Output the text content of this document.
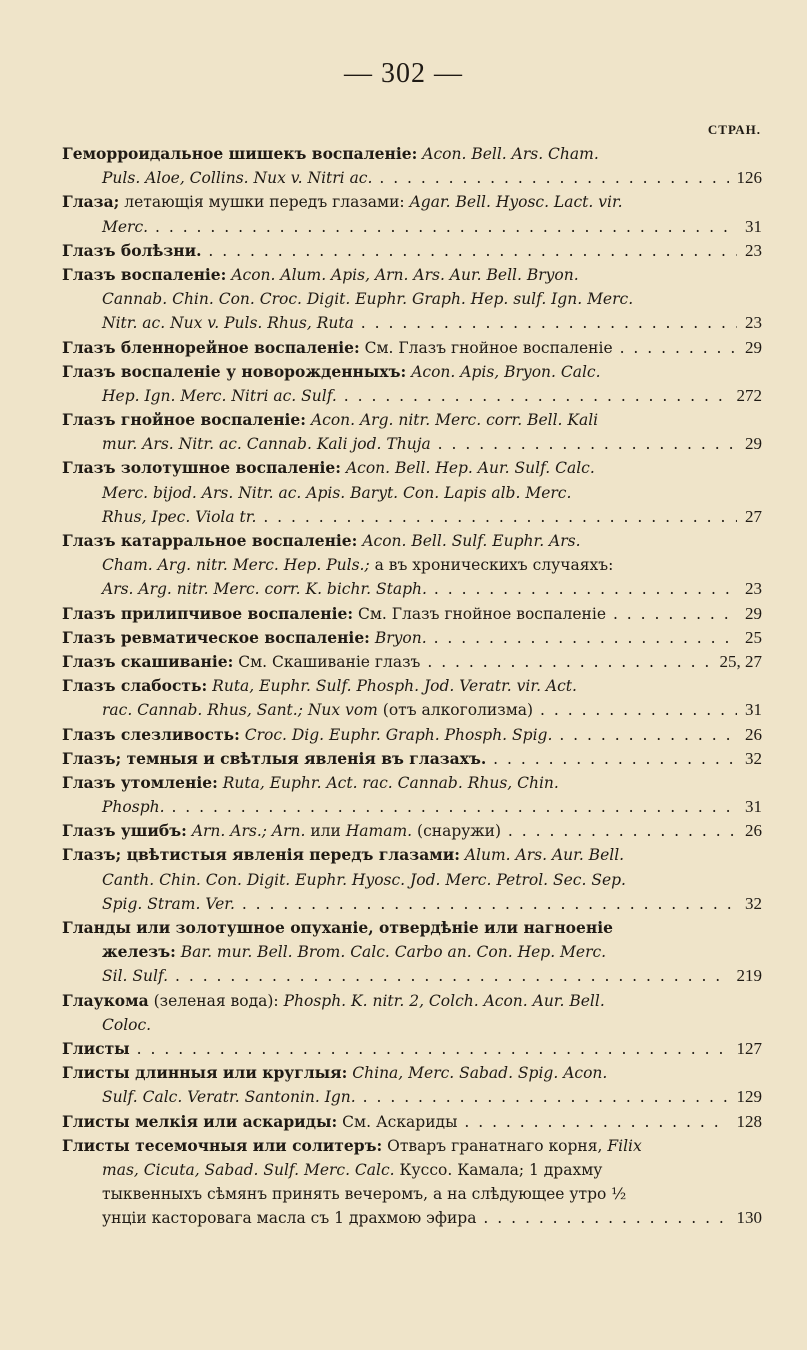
— 302 —
СТРАН.
Геморроидальное шишекъ воспаленіе: Acon. Bell. Ars. Cham.
Puls. Aloe, Collins. Nux v. Nitri ac. . . .	126
Глаза; летающія мушки передъ глазами: Agar. Bell. Hyosc. Lact. vir.
Merc. . . .	31
Глазъ болѣзни. . . .	23
Глазъ воспаленіе: Acon. Alum. Apis, Arn. Ars. Aur. Bell. Bryon.
Cannab. Chin. Con. Croc. Digit. Euphr. Graph. Hep. sulf. Ign. Merc.
Nitr. ac. Nux v. Puls. Rhus, Ruta . . .	23
Глазъ бленнорейное воспаленіе: См. Глазъ гнойное воспаленіе . . .	29
Глазъ воспаленіе у новорожденныхъ: Acon. Apis, Bryon. Calc.
Hep. Ign. Merc. Nitri ac. Sulf. . . .	272
Глазъ гнойное воспаленіе: Acon. Arg. nitr. Merc. corr. Bell. Kali
mur. Ars. Nitr. ac. Cannab. Kali jod. Thuja . . .	29
Глазъ золотушное воспаленіе: Acon. Bell. Hep. Aur. Sulf. Calc.
Merc. bijod. Ars. Nitr. ac. Apis. Baryt. Con. Lapis alb. Merc.
Rhus, Ipec. Viola tr. . . .	27
Глазъ катарральное воспаленіе: Acon. Bell. Sulf. Euphr. Ars.
Cham. Arg. nitr. Merc. Hep. Puls.; а въ хроническихъ случаяхъ:
Ars. Arg. nitr. Merc. corr. K. bichr. Staph. . . .	23
Глазъ прилипчивое воспаленіе: См. Глазъ гнойное воспаленіе . . .	29
Глазъ ревматическое воспаленіе: Bryon. . . .	25
Глазъ скашиваніе: См. Скашиваніе глазъ . . .	25, 27
Глазъ слабость: Ruta, Euphr. Sulf. Phosph. Jod. Veratr. vir. Act.
rac. Cannab. Rhus, Sant.; Nux vom (отъ алкоголизма) . . .	31
Глазъ слезливость: Croc. Dig. Euphr. Graph. Phosph. Spig. . . .	26
Глазъ; темныя и свѣтлыя явленія въ глазахъ. . . .	32
Глазъ утомленіе: Ruta, Euphr. Act. rac. Cannab. Rhus, Chin.
Phosph. . . .	31
Глазъ ушибъ: Arn. Ars.; Arn. или Hamam. (снаружи) . . .	26
Глазъ; цвѣтистыя явленія передъ глазами: Alum. Ars. Aur. Bell.
Canth. Chin. Con. Digit. Euphr. Hyosc. Jod. Merc. Petrol. Sec. Sep.
Spig. Stram. Ver. . . .	32
Гланды или золотушное опуханіе, отвердѣніе или нагноеніе
железъ: Bar. mur. Bell. Brom. Calc. Carbo an. Con. Hep. Merc.
Sil. Sulf. . . .	219
Глаукома (зеленая вода): Phosph. K. nitr. 2, Colch. Acon. Aur. Bell.
Coloc.
Глисты . . .	127
Глисты длинныя или круглыя: China, Merc. Sabad. Spig. Acon.
Sulf. Calc. Veratr. Santonin. Ign. . . .	129
Глисты мелкія или аскариды: См. Аскариды . . .	128
Глисты тесемочныя или солитеръ: Отваръ гранатнаго корня, Filix
mas, Cicuta, Sabad. Sulf. Merc. Calc. Куссо. Камала; 1 драхму
тыквенныхъ сѣмянъ принять вечеромъ, а на слѣдующее утро ½
унціи касторовага масла съ 1 драхмою эфира . . .	130
